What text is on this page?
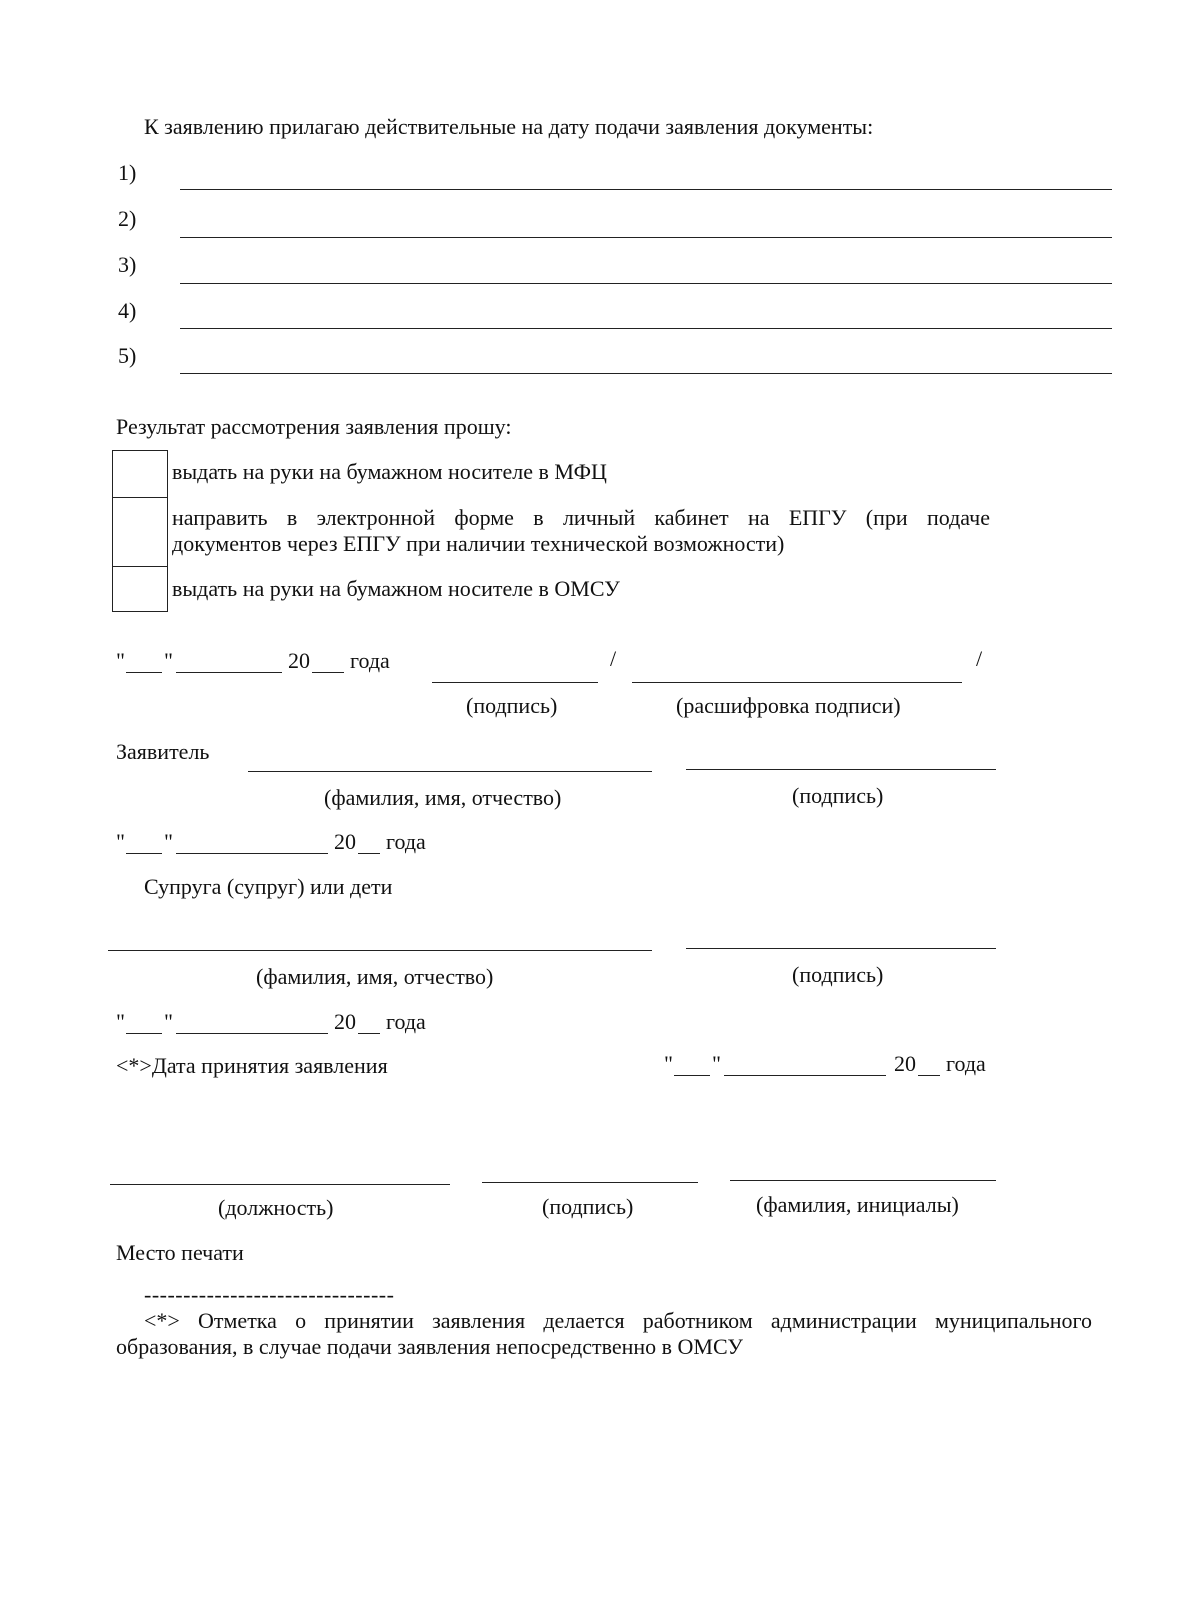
К заявлению прилагаю действительные на дату подачи заявления документы:
1)
2)
3)
4)
5)
Результат рассмотрения заявления прошу:
выдать на руки на бумажном носителе в МФЦ
направить в электронной форме в личный кабинет на ЕПГУ (при подаче
документов через ЕПГУ при наличии технической возможности)
выдать на руки на бумажном носителе в ОМСУ
" "	20 года	/	/
(подпись)	(расшифровка подписи)
Заявитель
(фамилия, имя, отчество)	(подпись)
" "	20 года
Супруга (супруг) или дети
(фамилия, имя, отчество)	(подпись)
" "	20 года
<*>Дата принятия заявления	" "	20 года
(должность)	(подпись)	(фамилия, инициалы)
Место печати
--------------------------------
<*> Отметка о принятии заявления делается работником администрации муниципального
образования, в случае подачи заявления непосредственно в ОМСУ
